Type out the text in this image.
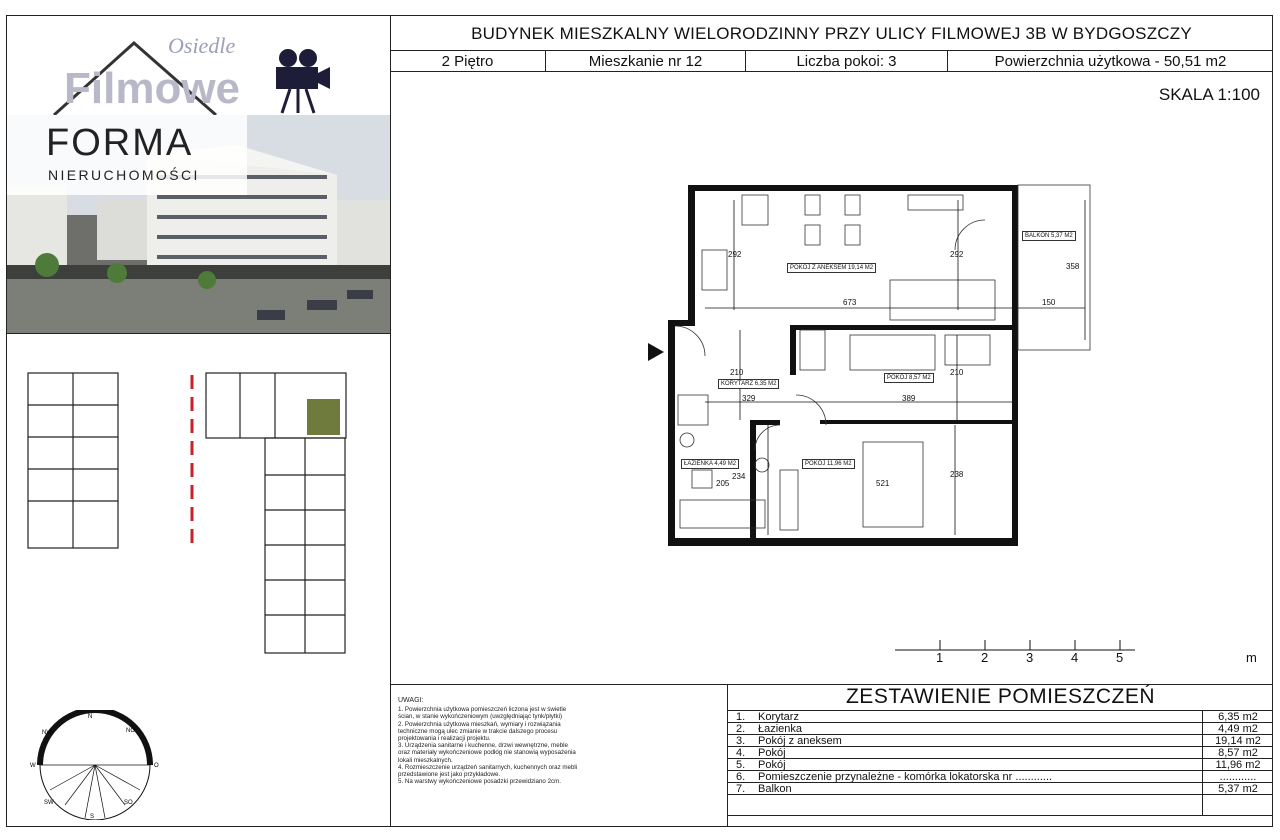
BUDYNEK MIESZKALNY WIELORODZINNY PRZY ULICY FILMOWEJ 3B W BYDGOSZCZY
2 Piętro	Mieszkanie nr 12	Liczba pokoi: 3	Powierzchnia użytkowa - 50,51 m2
SKALA 1:100
Filmowe
Osiedle
FORMA
NIERUCHOMOŚCI
POKÓJ Z ANEKSEM 19,14 M2
BALKON 5,37 M2
KORYTARZ 6,35 M2
POKÓJ 8,57 M2
ŁAZIENKA 4,49 M2	POKÓJ 11,96 M2
292	292
358
673	150
210	210
329	389
234
205	521
238
1	2	3	4	5	m
N
NO
NW
O
W
SO
SW
S
UWAGI:
1. Powierzchnia użytkowa pomieszczeń liczona jest w świetle ścian, w stanie wykończeniowym (uwzględniając tynk/płytki)
2. Powierzchnia użytkowa mieszkań, wymiary i rozwiązania techniczne mogą ulec zmianie w trakcie dalszego procesu projektowania i realizacji projektu.
3. Urządzenia sanitarne i kuchenne, drzwi wewnętrzne, meble oraz materiały wykończeniowe podłóg nie stanowią wyposażenia lokali mieszkalnych.
4. Rozmieszczenie urządzeń sanitarnych, kuchennych oraz mebli przedstawione jest jako przykładowe.
5. Na warstwy wykończeniowe posadzki przewidziano 2cm.
ZESTAWIENIE POMIESZCZEŃ
1.	Korytarz	6,35 m2
2.	Łazienka	4,49 m2
3.	Pokój z aneksem	19,14 m2
4.	Pokój	8,57 m2
5.	Pokój	11,96 m2
6.	Pomieszczenie przynależne - komórka lokatorska nr ............	............
7.	Balkon	5,37 m2
